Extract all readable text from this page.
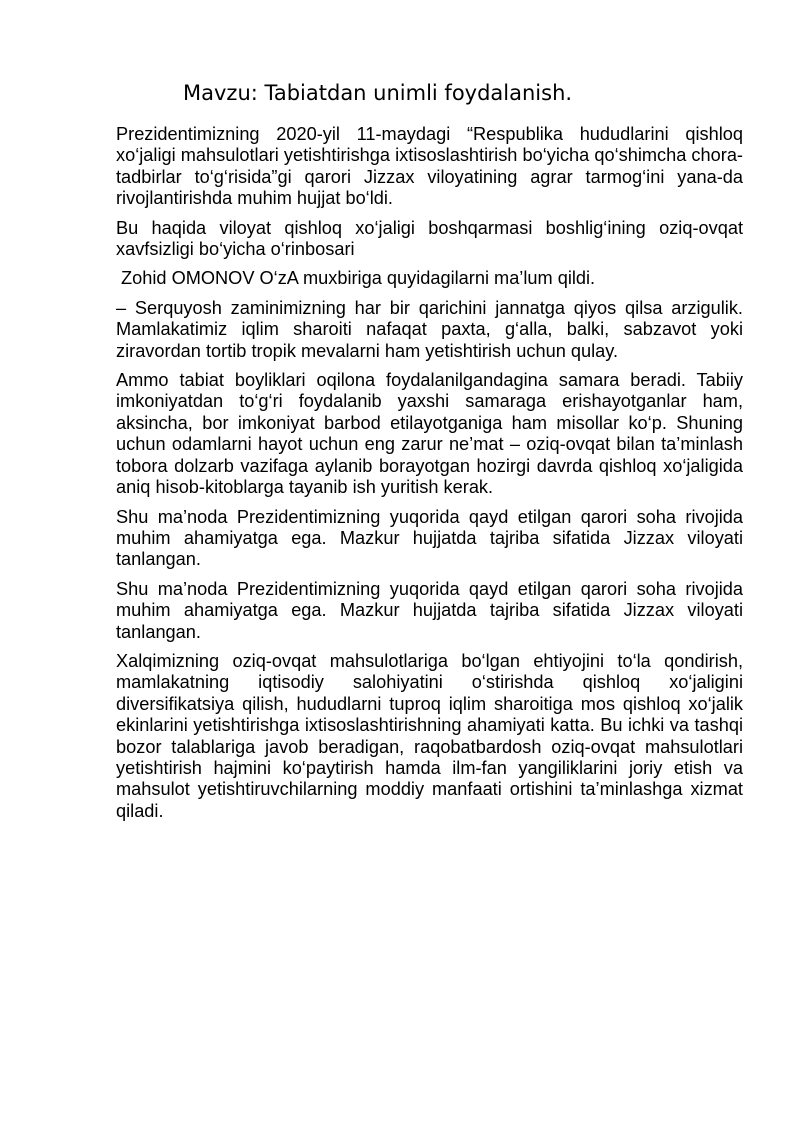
Mavzu: Tabiatdan unimli foydalanish.

Prezidentimizning 2020-yil 11-maydagi “Respublika hududlarini qishloq xo‘jaligi mahsulotlari yetishtirishga ixtisoslashtirish bo‘yicha qo‘shimcha chora-tadbirlar to‘g‘risida”gi qarori Jizzax viloyatining agrar tarmog‘ini yana-da rivojlantirishda muhim hujjat bo‘ldi.

Bu haqida viloyat qishloq xo‘jaligi boshqarmasi boshlig‘ining oziq-ovqat xavfsizligi bo‘yicha o‘rinbosari

Zohid OMONOV O‘zA muxbiriga quyidagilarni ma’lum qildi.

– Serquyosh zaminimizning har bir qarichini jannatga qiyos qilsa arzigulik. Mamlakatimiz iqlim sharoiti nafaqat paxta, g‘alla, balki, sabzavot yoki ziravordan tortib tropik mevalarni ham yetishtirish uchun qulay.

Ammo tabiat boyliklari oqilona foydalanilgandagina samara beradi. Tabiiy imkoniyatdan to‘g‘ri foydalanib yaxshi samaraga erishayotganlar ham, aksincha, bor imkoniyat barbod etilayotganiga ham misollar ko‘p. Shuning uchun odamlarni hayot uchun eng zarur ne’mat – oziq-ovqat bilan ta’minlash tobora dolzarb vazifaga aylanib borayotgan hozirgi davrda qishloq xo‘jaligida aniq hisob-kitoblarga tayanib ish yuritish kerak.

Shu ma’noda Prezidentimizning yuqorida qayd etilgan qarori soha rivojida muhim ahamiyatga ega. Mazkur hujjatda tajriba sifatida Jizzax viloyati tanlangan.

Shu ma’noda Prezidentimizning yuqorida qayd etilgan qarori soha rivojida muhim ahamiyatga ega. Mazkur hujjatda tajriba sifatida Jizzax viloyati tanlangan.

Xalqimizning oziq-ovqat mahsulotlariga bo‘lgan ehtiyojini to‘la qondirish, mamlakatning iqtisodiy salohiyatini o‘stirishda qishloq xo‘jaligini diversifikatsiya qilish, hududlarni tuproq iqlim sharoitiga mos qishloq xo‘jalik ekinlarini yetishtirishga ixtisoslashtirishning ahamiyati katta. Bu ichki va tashqi bozor talablariga javob beradigan, raqobatbardosh oziq-ovqat mahsulotlari yetishtirish hajmini ko‘paytirish hamda ilm-fan yangiliklarini joriy etish va mahsulot yetishtiruvchilarning moddiy manfaati ortishini ta’minlashga xizmat qiladi.
